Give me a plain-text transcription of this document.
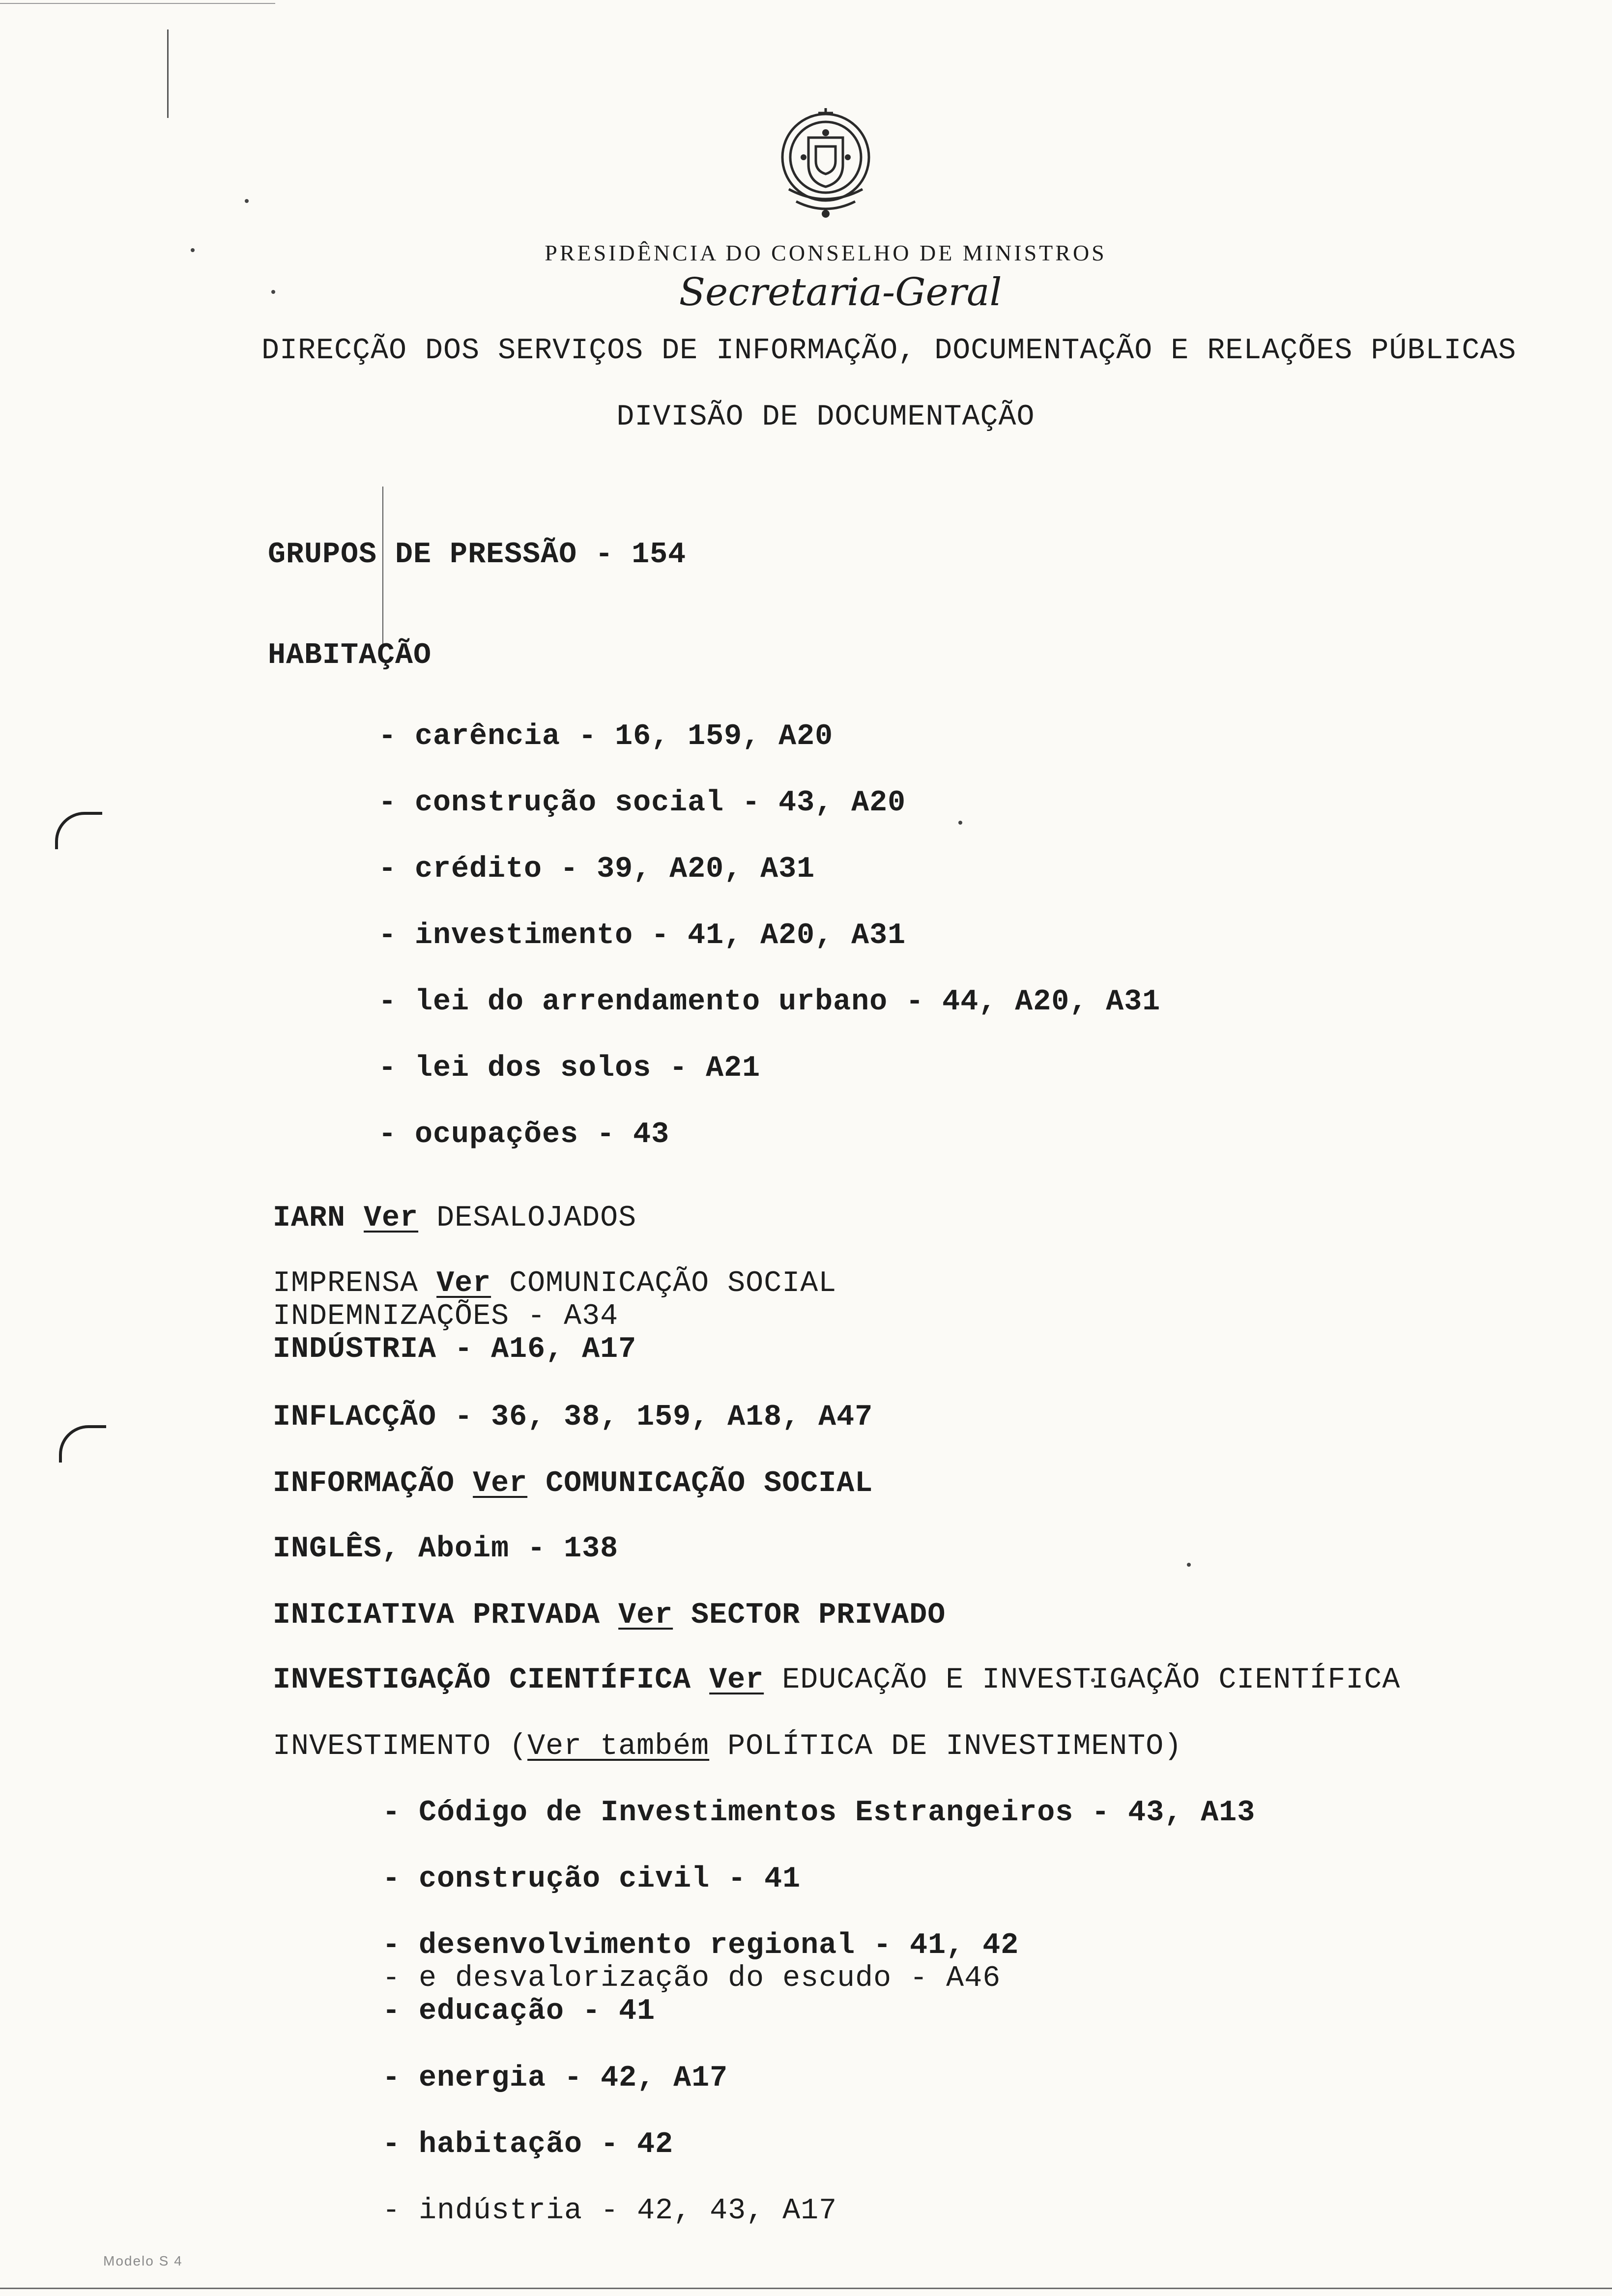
PRESIDÊNCIA DO CONSELHO DE MINISTROS
Secretaria-Geral
DIRECÇÃO DOS SERVIÇOS DE INFORMAÇÃO, DOCUMENTAÇÃO E RELAÇÕES PÚBLICAS
DIVISÃO DE DOCUMENTAÇÃO
GRUPOS DE PRESSÃO - 154
HABITAÇÃO
- carência - 16, 159, A20
- construção social - 43, A20
- crédito - 39, A20, A31
- investimento - 41, A20, A31
- lei do arrendamento urbano - 44, A20, A31
- lei dos solos - A21
- ocupações - 43
IARN Ver DESALOJADOS
IMPRENSA Ver COMUNICAÇÃO SOCIAL
INDEMNIZAÇÕES - A34
INDÚSTRIA - A16, A17
INFLACÇÃO - 36, 38, 159, A18, A47
INFORMAÇÃO Ver COMUNICAÇÃO SOCIAL
INGLÊS, Aboim - 138
INICIATIVA PRIVADA Ver SECTOR PRIVADO
INVESTIGAÇÃO CIENTÍFICA Ver EDUCAÇÃO E INVESTIGAÇÃO CIENTÍFICA
INVESTIMENTO (Ver também POLÍTICA DE INVESTIMENTO)
- Código de Investimentos Estrangeiros - 43, A13
- construção civil - 41
- desenvolvimento regional - 41, 42
- e desvalorização do escudo - A46
- educação - 41
- energia - 42, A17
- habitação - 42
- indústria - 42, 43, A17
Modelo S 4
